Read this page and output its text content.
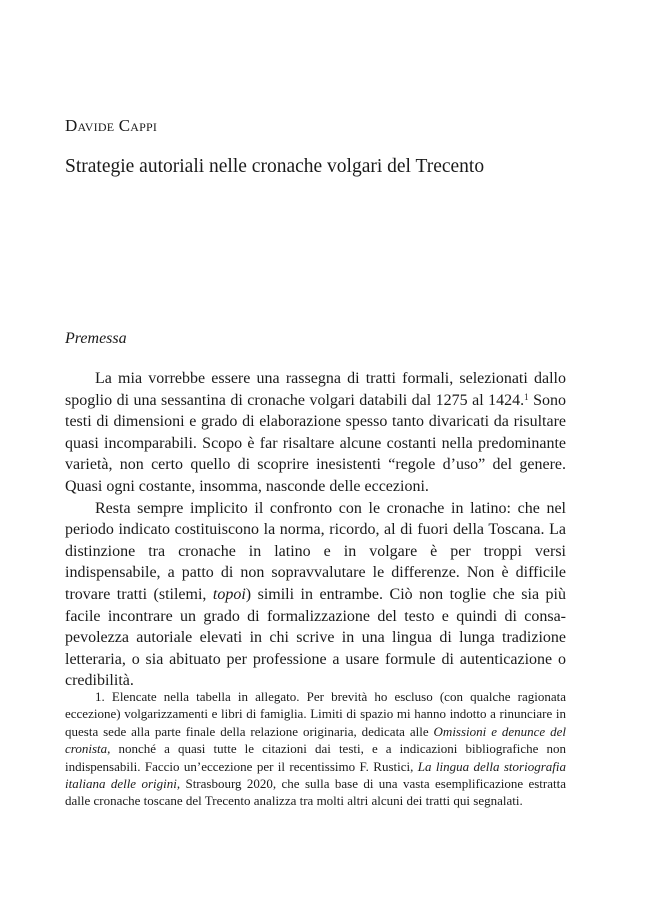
Davide Cappi
Strategie autoriali nelle cronache volgari del Trecento
Premessa

La mia vorrebbe essere una rassegna di tratti formali, selezionati dallo spoglio di una sessantina di cronache volgari databili dal 1275 al 1424.$^1$ Sono testi di dimensioni e grado di elaborazione spesso tanto divaricati da risultare quasi incomparabili. Scopo è far risaltare alcune costanti nella predominante varietà, non certo quello di scoprire inesistenti “regole d’uso” del genere. Quasi ogni costante, insomma, nasconde delle eccezioni.

Resta sempre implicito il confronto con le cronache in latino: che nel periodo indicato costituiscono la norma, ricordo, al di fuori della Toscana. La distinzione tra cronache in latino e in volgare è per troppi versi indispensabile, a patto di non sopravvalutare le differenze. Non è difficile trovare tratti (stilemi, topoi) simili in entrambe. Ciò non toglie che sia più facile incontrare un grado di formalizzazione del testo e quindi di consapevolezza autoriale elevati in chi scrive in una lingua di lunga tradizione letteraria, o sia abituato per professione a usare formule di autenticazione o credibilità.

1. Elencate nella tabella in allegato. Per brevità ho escluso (con qualche ragionata eccezione) volgarizzamenti e libri di famiglia. Limiti di spazio mi hanno indotto a rinunciare in questa sede alla parte finale della relazione originaria, dedicata alle Omissioni e denunce del cronista, nonché a quasi tutte le citazioni dai testi, e a indicazioni bibliografiche non indispensabili. Faccio un’eccezione per il recentissimo F. Rustici, La lingua della storiografia italiana delle origini, Strasbourg 2020, che sulla base di una vasta esemplificazione estratta dalle cronache toscane del Trecento analizza tra molti altri alcuni dei tratti qui segnalati.
